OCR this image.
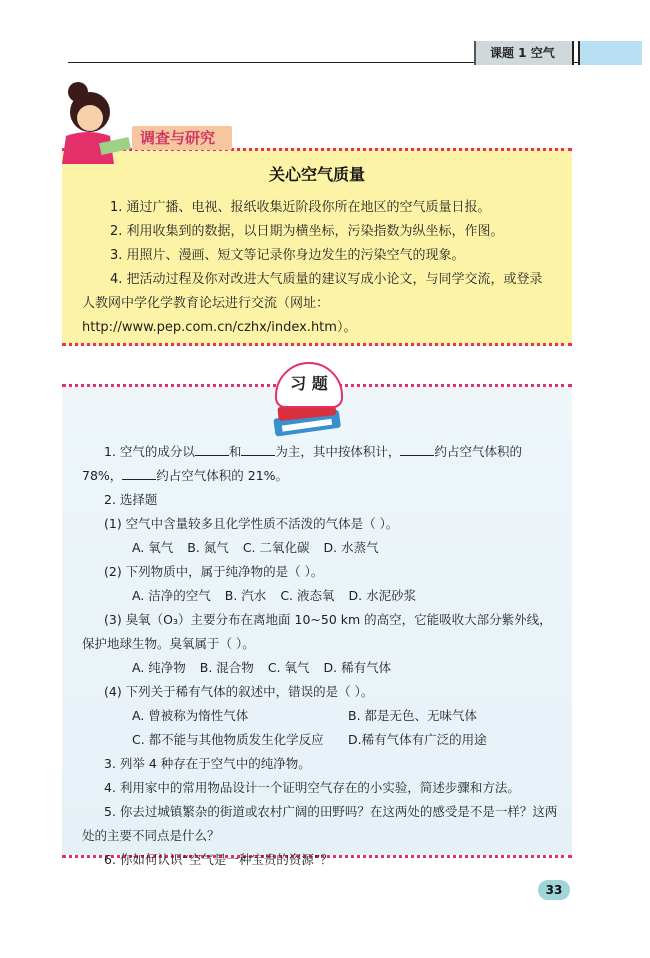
课题 1 空气
调查与研究
关心空气质量

1. 通过广播、电视、报纸收集近阶段你所在地区的空气质量日报。

2. 利用收集到的数据，以日期为横坐标，污染指数为纵坐标，作图。

3. 用照片、漫画、短文等记录你身边发生的污染空气的现象。

4. 把活动过程及你对改进大气质量的建议写成小论文，与同学交流，或登录人教网中学化学教育论坛进行交流（网址：http://www.pep.com.cn/czhx/index.htm）。

习 题

1. 空气的成分以	和	为主，其中按体积计，	约占空气体积的 78%，	约占空气体积的 21%。

2. 选择题

(1) 空气中含量较多且化学性质不活泼的气体是（ ）。

A. 氧气 B. 氮气 C. 二氧化碳 D. 水蒸气

(2) 下列物质中，属于纯净物的是（ ）。

A. 洁净的空气 B. 汽水 C. 液态氧 D. 水泥砂浆

(3) 臭氧（O₃）主要分布在离地面 10~50 km 的高空，它能吸收大部分紫外线，保护地球生物。臭氧属于（ ）。

A. 纯净物 B. 混合物 C. 氧气 D. 稀有气体

(4) 下列关于稀有气体的叙述中，错误的是（ ）。

A. 曾被称为惰性气体	B. 都是无色、无味气体
C. 都不能与其他物质发生化学反应	D.稀有气体有广泛的用途

3. 列举 4 种存在于空气中的纯净物。

4. 利用家中的常用物品设计一个证明空气存在的小实验，简述步骤和方法。

5. 你去过城镇繁杂的街道或农村广阔的田野吗？在这两处的感受是不是一样？这两处的主要不同点是什么？

6. 你如何认识“空气是一种宝贵的资源”？

33
